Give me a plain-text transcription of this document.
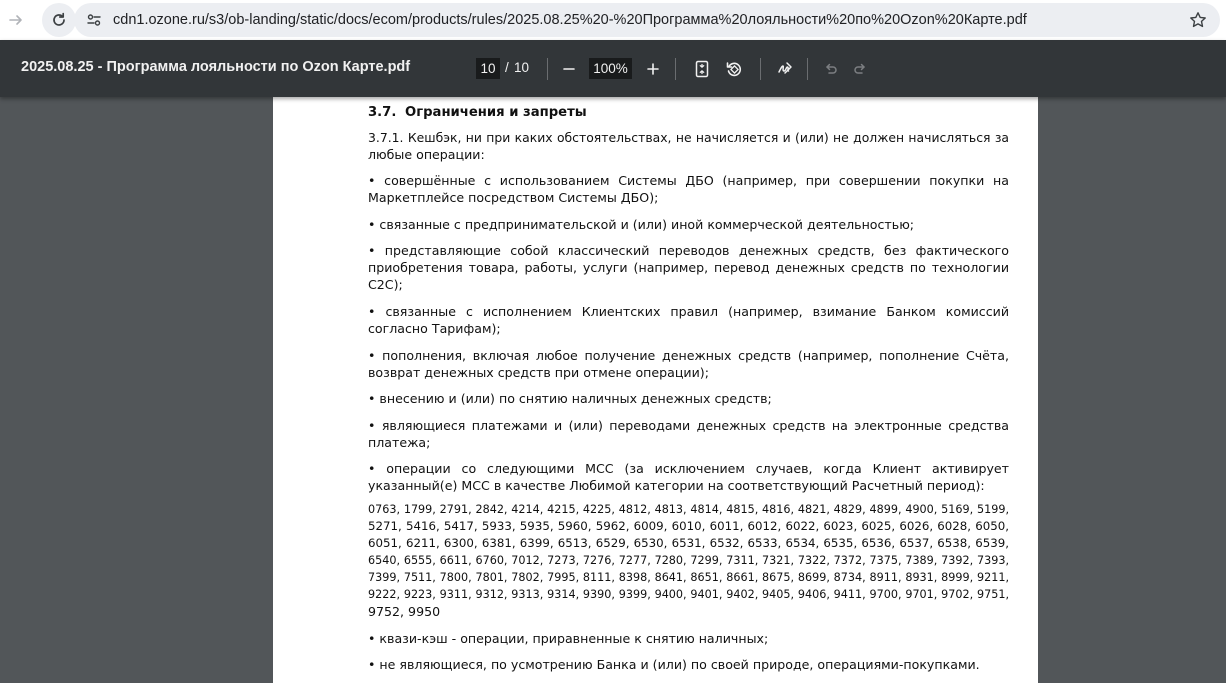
cdn1.ozone.ru/s3/ob-landing/static/docs/ecom/products/rules/2025.08.25%20-%20Программа%20лояльности%20по%20Ozon%20Карте.pdf
2025.08.25 - Программа лояльности по Ozon Карте.pdf	10 / 10	100%
3.7. Ограничения и запреты
3.7.1. Кешбэк, ни при каких обстоятельствах, не начисляется и (или) не должен начисляться за
любые операции:
• совершённые с использованием Системы ДБО (например, при совершении покупки на
Маркетплейсе посредством Системы ДБО);
• связанные с предпринимательской и (или) иной коммерческой деятельностью;
• представляющие собой классический переводов денежных средств, без фактического
приобретения товара, работы, услуги (например, перевод денежных средств по технологии
C2C);
• связанные с исполнением Клиентских правил (например, взимание Банком комиссий
согласно Тарифам);
• пополнения, включая любое получение денежных средств (например, пополнение Счёта,
возврат денежных средств при отмене операции);
• внесению и (или) по снятию наличных денежных средств;
• являющиеся платежами и (или) переводами денежных средств на электронные средства
платежа;
• операции со следующими МСС (за исключением случаев, когда Клиент активирует
указанный(е) МСС в качестве Любимой категории на соответствующий Расчетный период):
0763, 1799, 2791, 2842, 4214, 4215, 4225, 4812, 4813, 4814, 4815, 4816, 4821, 4829, 4899, 4900, 5169, 5199,
5271, 5416, 5417, 5933, 5935, 5960, 5962, 6009, 6010, 6011, 6012, 6022, 6023, 6025, 6026, 6028, 6050,
6051, 6211, 6300, 6381, 6399, 6513, 6529, 6530, 6531, 6532, 6533, 6534, 6535, 6536, 6537, 6538, 6539,
6540, 6555, 6611, 6760, 7012, 7273, 7276, 7277, 7280, 7299, 7311, 7321, 7322, 7372, 7375, 7389, 7392, 7393,
7399, 7511, 7800, 7801, 7802, 7995, 8111, 8398, 8641, 8651, 8661, 8675, 8699, 8734, 8911, 8931, 8999, 9211,
9222, 9223, 9311, 9312, 9313, 9314, 9390, 9399, 9400, 9401, 9402, 9405, 9406, 9411, 9700, 9701, 9702, 9751,
9752, 9950
• квази-кэш - операции, приравненные к снятию наличных;
• не являющиеся, по усмотрению Банка и (или) по своей природе, операциями-покупками.
